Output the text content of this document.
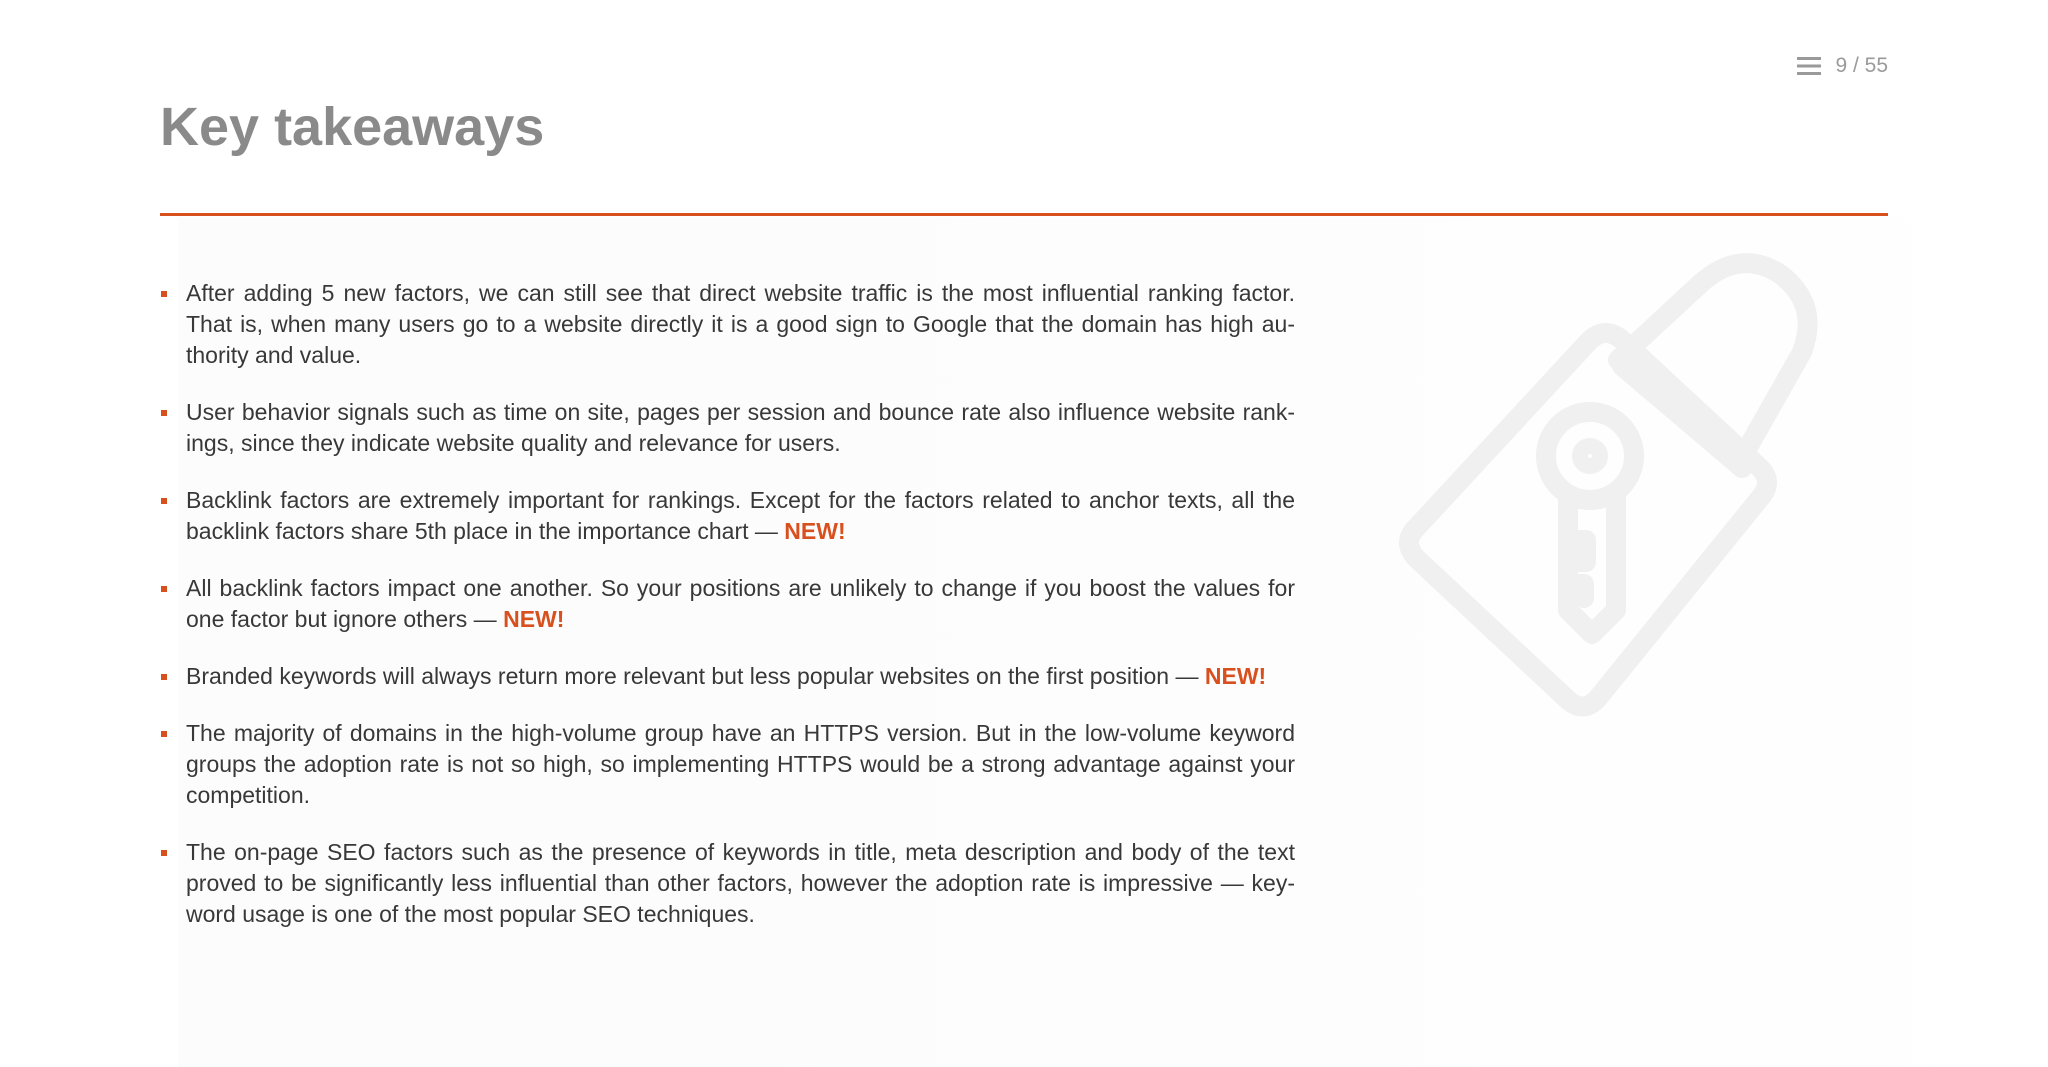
9 / 55
Key takeaways
After adding 5 new factors, we can still see that direct website traffic is the most influential ranking factor. That is, when many users go to a website directly it is a good sign to Google that the domain has high authority and value.
User behavior signals such as time on site, pages per session and bounce rate also influence website rankings, since they indicate website quality and relevance for users.
Backlink factors are extremely important for rankings. Except for the factors related to anchor texts, all the backlink factors share 5th place in the importance chart — NEW!
All backlink factors impact one another. So your positions are unlikely to change if you boost the values for one factor but ignore others — NEW!
Branded keywords will always return more relevant but less popular websites on the first position — NEW!
The majority of domains in the high-volume group have an HTTPS version. But in the low-volume keyword groups the adoption rate is not so high, so implementing HTTPS would be a strong advantage against your competition.
The on-page SEO factors such as the presence of keywords in title, meta description and body of the text proved to be significantly less influential than other factors, however the adoption rate is impressive — keyword usage is one of the most popular SEO techniques.
